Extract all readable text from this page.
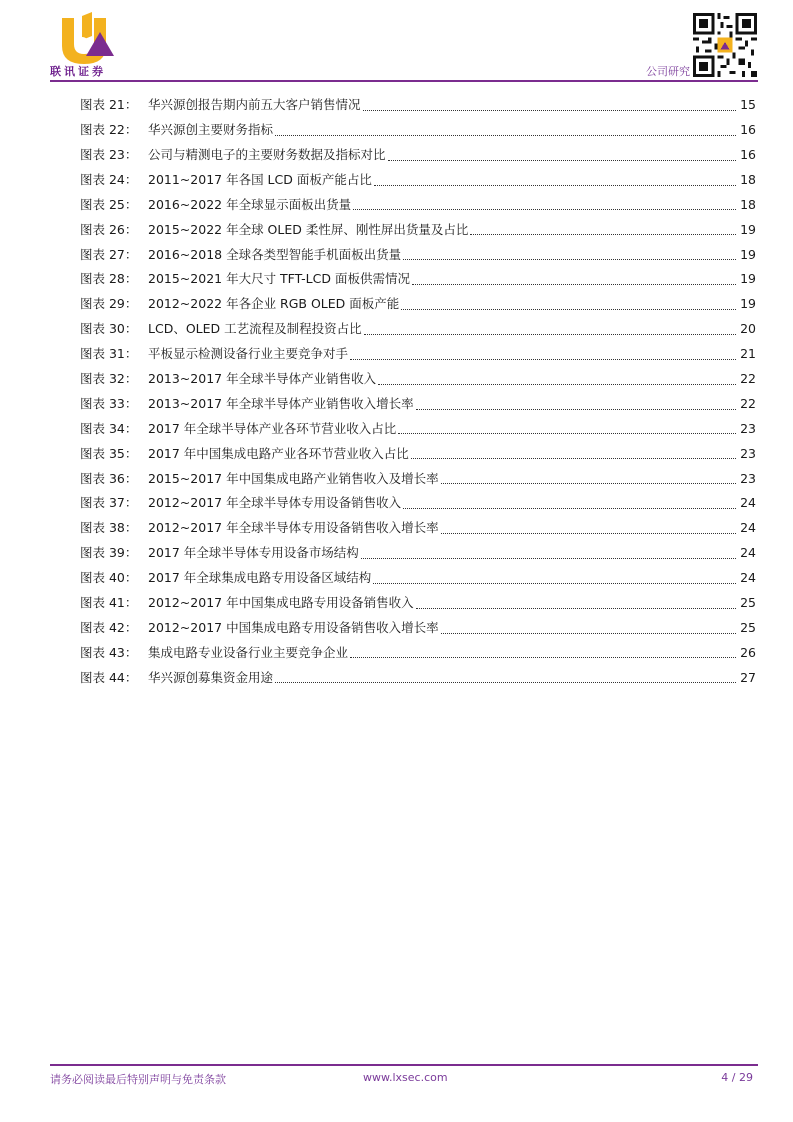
联讯证券	公司研究
图表 21： 华兴源创报告期内前五大客户销售情况	15
图表 22： 华兴源创主要财务指标	16
图表 23： 公司与精测电子的主要财务数据及指标对比	16
图表 24： 2011~2017 年各国 LCD 面板产能占比	18
图表 25： 2016~2022 年全球显示面板出货量	18
图表 26： 2015~2022 年全球 OLED 柔性屏、刚性屏出货量及占比	19
图表 27： 2016~2018 全球各类型智能手机面板出货量	19
图表 28： 2015~2021 年大尺寸 TFT-LCD 面板供需情况	19
图表 29： 2012~2022 年各企业 RGB OLED 面板产能	19
图表 30： LCD、OLED 工艺流程及制程投资占比	20
图表 31： 平板显示检测设备行业主要竞争对手	21
图表 32： 2013~2017 年全球半导体产业销售收入	22
图表 33： 2013~2017 年全球半导体产业销售收入增长率	22
图表 34： 2017 年全球半导体产业各环节营业收入占比	23
图表 35： 2017 年中国集成电路产业各环节营业收入占比	23
图表 36： 2015~2017 年中国集成电路产业销售收入及增长率	23
图表 37： 2012~2017 年全球半导体专用设备销售收入	24
图表 38： 2012~2017 年全球半导体专用设备销售收入增长率	24
图表 39： 2017 年全球半导体专用设备市场结构	24
图表 40： 2017 年全球集成电路专用设备区域结构	24
图表 41： 2012~2017 年中国集成电路专用设备销售收入	25
图表 42： 2012~2017 中国集成电路专用设备销售收入增长率	25
图表 43： 集成电路专业设备行业主要竞争企业	26
图表 44： 华兴源创募集资金用途	27
请务必阅读最后特别声明与免责条款	www.lxsec.com	4 / 29
